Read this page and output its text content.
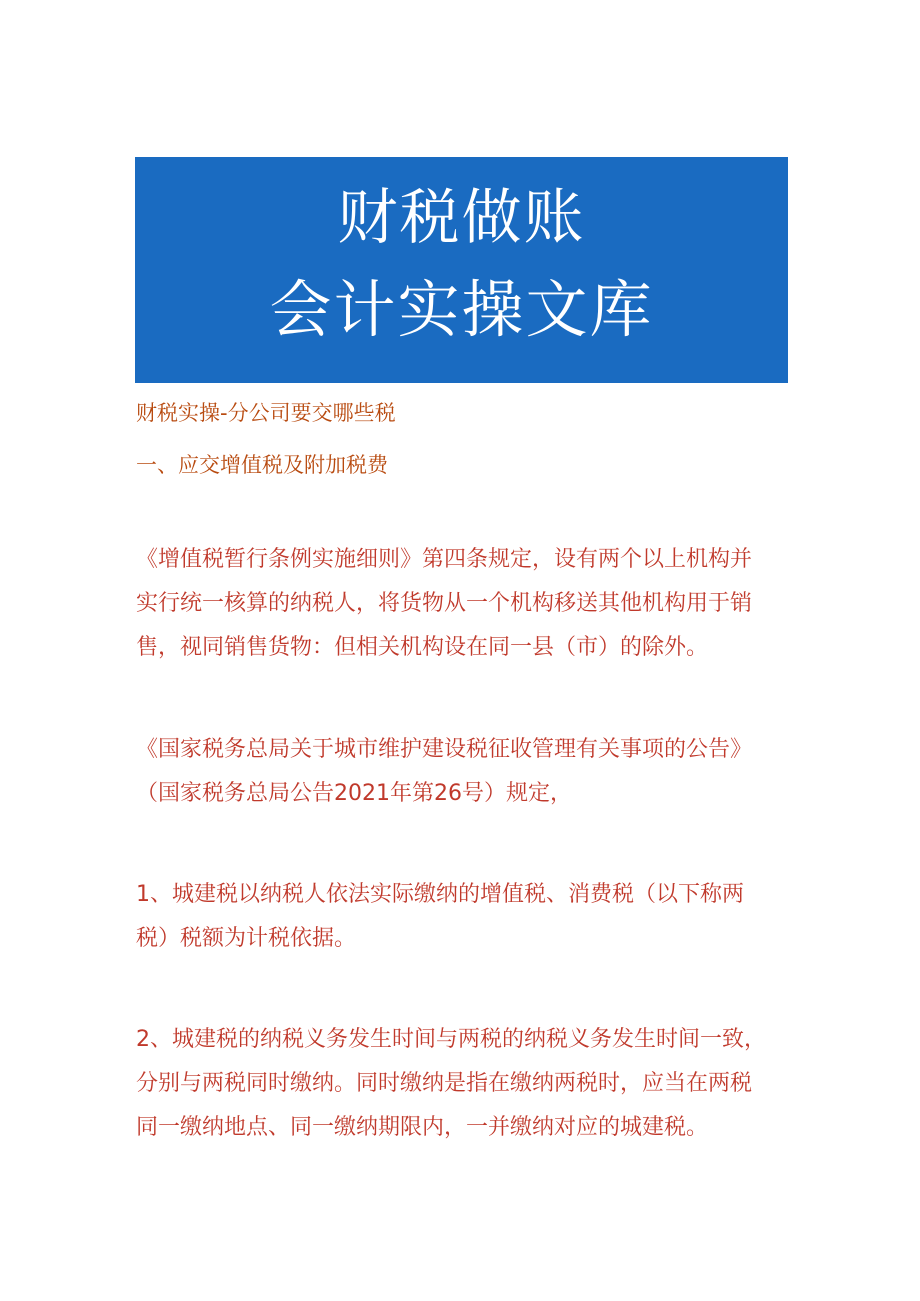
财税做账
会计实操文库
财税实操-分公司要交哪些税
一、应交增值税及附加税费
《增值税暂行条例实施细则》第四条规定，设有两个以上机构并
实行统一核算的纳税人，将货物从一个机构移送其他机构用于销
售，视同销售货物：但相关机构设在同一县（市）的除外。
《国家税务总局关于城市维护建设税征收管理有关事项的公告》
（国家税务总局公告2021年第26号）规定，
1、城建税以纳税人依法实际缴纳的增值税、消费税（以下称两
税）税额为计税依据。
2、城建税的纳税义务发生时间与两税的纳税义务发生时间一致，
分别与两税同时缴纳。同时缴纳是指在缴纳两税时，应当在两税
同一缴纳地点、同一缴纳期限内，一并缴纳对应的城建税。
